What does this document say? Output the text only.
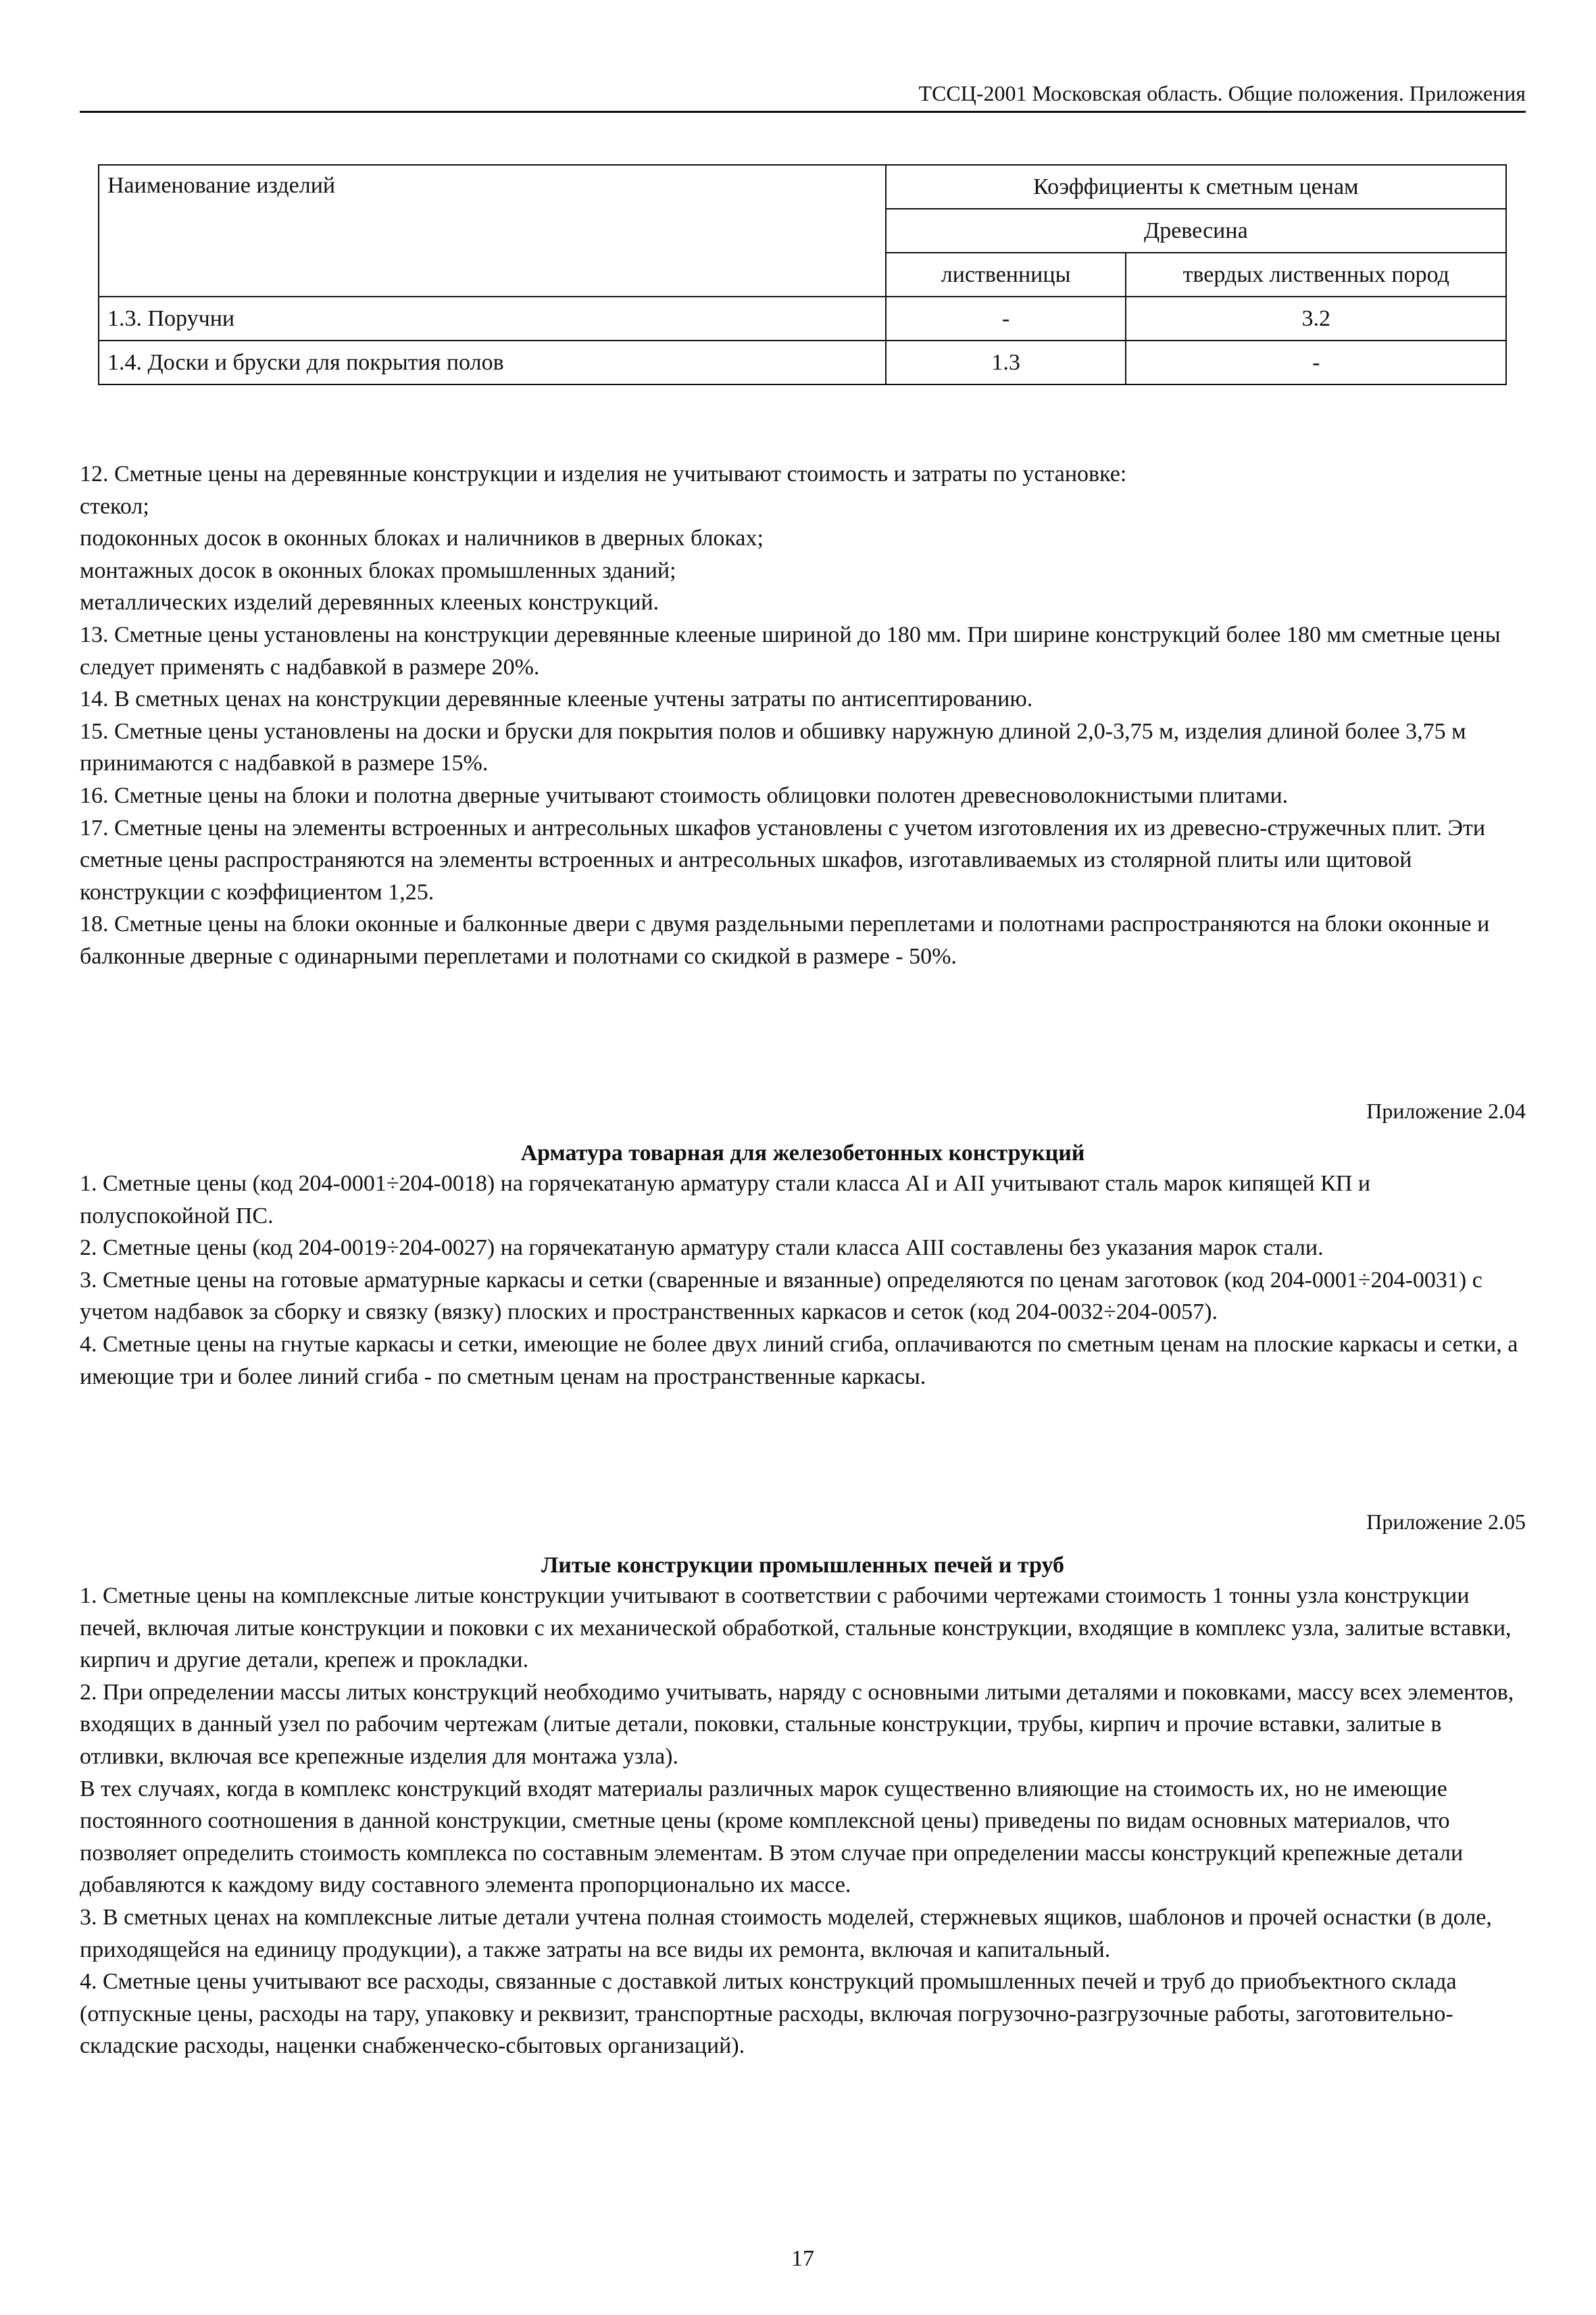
ТССЦ-2001 Московская область. Общие положения. Приложения
Наименование изделий	Коэффициенты к сметным ценам	
	Древесина	
	лиственницы	твердых лиственных пород
1.3. Поручни	-	3.2
1.4. Доски и бруски для покрытия полов	1.3	-

12. Сметные цены на деревянные конструкции и изделия не учитывают стоимость и затраты по установке:

стекол;

подоконных досок в оконных блоках и наличников в дверных блоках;

монтажных досок в оконных блоках промышленных зданий;

металлических изделий деревянных клееных конструкций.

13. Сметные цены установлены на конструкции деревянные клееные шириной до 180 мм. При ширине конструкций более 180 мм сметные цены следует применять с надбавкой в размере 20%.

14. В сметных ценах на конструкции деревянные клееные учтены затраты по антисептированию.

15. Сметные цены установлены на доски и бруски для покрытия полов и обшивку наружную длиной 2,0-3,75 м, изделия длиной более 3,75 м принимаются с надбавкой в размере 15%.

16. Сметные цены на блоки и полотна дверные учитывают стоимость облицовки полотен древесноволокнистыми плитами.

17. Сметные цены на элементы встроенных и антресольных шкафов установлены с учетом изготовления их из древесно-стружечных плит. Эти сметные цены распространяются на элементы встроенных и антресольных шкафов, изготавливаемых из столярной плиты или щитовой конструкции с коэффициентом 1,25.

18. Сметные цены на блоки оконные и балконные двери с двумя раздельными переплетами и полотнами распространяются на блоки оконные и балконные дверные с одинарными переплетами и полотнами со скидкой в размере - 50%.

Приложение 2.04
Арматура товарная для железобетонных конструкций

1. Сметные цены (код 204-0001÷204-0018) на горячекатаную арматуру стали класса AI и AII учитывают сталь марок кипящей КП и полуспокойной ПС.

2. Сметные цены (код 204-0019÷204-0027) на горячекатаную арматуру стали класса AIII составлены без указания марок стали.

3. Сметные цены на готовые арматурные каркасы и сетки (сваренные и вязанные) определяются по ценам заготовок (код 204-0001÷204-0031) с учетом надбавок за сборку и связку (вязку) плоских и пространственных каркасов и сеток (код 204-0032÷204-0057).

4. Сметные цены на гнутые каркасы и сетки, имеющие не более двух линий сгиба, оплачиваются по сметным ценам на плоские каркасы и сетки, а имеющие три и более линий сгиба - по сметным ценам на пространственные каркасы.

Приложение 2.05
Литые конструкции промышленных печей и труб

1. Сметные цены на комплексные литые конструкции учитывают в соответствии с рабочими чертежами стоимость 1 тонны узла конструкции печей, включая литые конструкции и поковки с их механической обработкой, стальные конструкции, входящие в комплекс узла, залитые вставки, кирпич и другие детали, крепеж и прокладки.

2. При определении массы литых конструкций необходимо учитывать, наряду с основными литыми деталями и поковками, массу всех элементов, входящих в данный узел по рабочим чертежам (литые детали, поковки, стальные конструкции, трубы, кирпич и прочие вставки, залитые в отливки, включая все крепежные изделия для монтажа узла).

В тех случаях, когда в комплекс конструкций входят материалы различных марок существенно влияющие на стоимость их, но не имеющие постоянного соотношения в данной конструкции, сметные цены (кроме комплексной цены) приведены по видам основных материалов, что позволяет определить стоимость комплекса по составным элементам. В этом случае при определении массы конструкций крепежные детали добавляются к каждому виду составного элемента пропорционально их массе.

3. В сметных ценах на комплексные литые детали учтена полная стоимость моделей, стержневых ящиков, шаблонов и прочей оснастки (в доле, приходящейся на единицу продукции), а также затраты на все виды их ремонта, включая и капитальный.

4. Сметные цены учитывают все расходы, связанные с доставкой литых конструкций промышленных печей и труб до приобъектного склада (отпускные цены, расходы на тару, упаковку и реквизит, транспортные расходы, включая погрузочно-разгрузочные работы, заготовительно-складские расходы, наценки снабженческо-сбытовых организаций).

17
